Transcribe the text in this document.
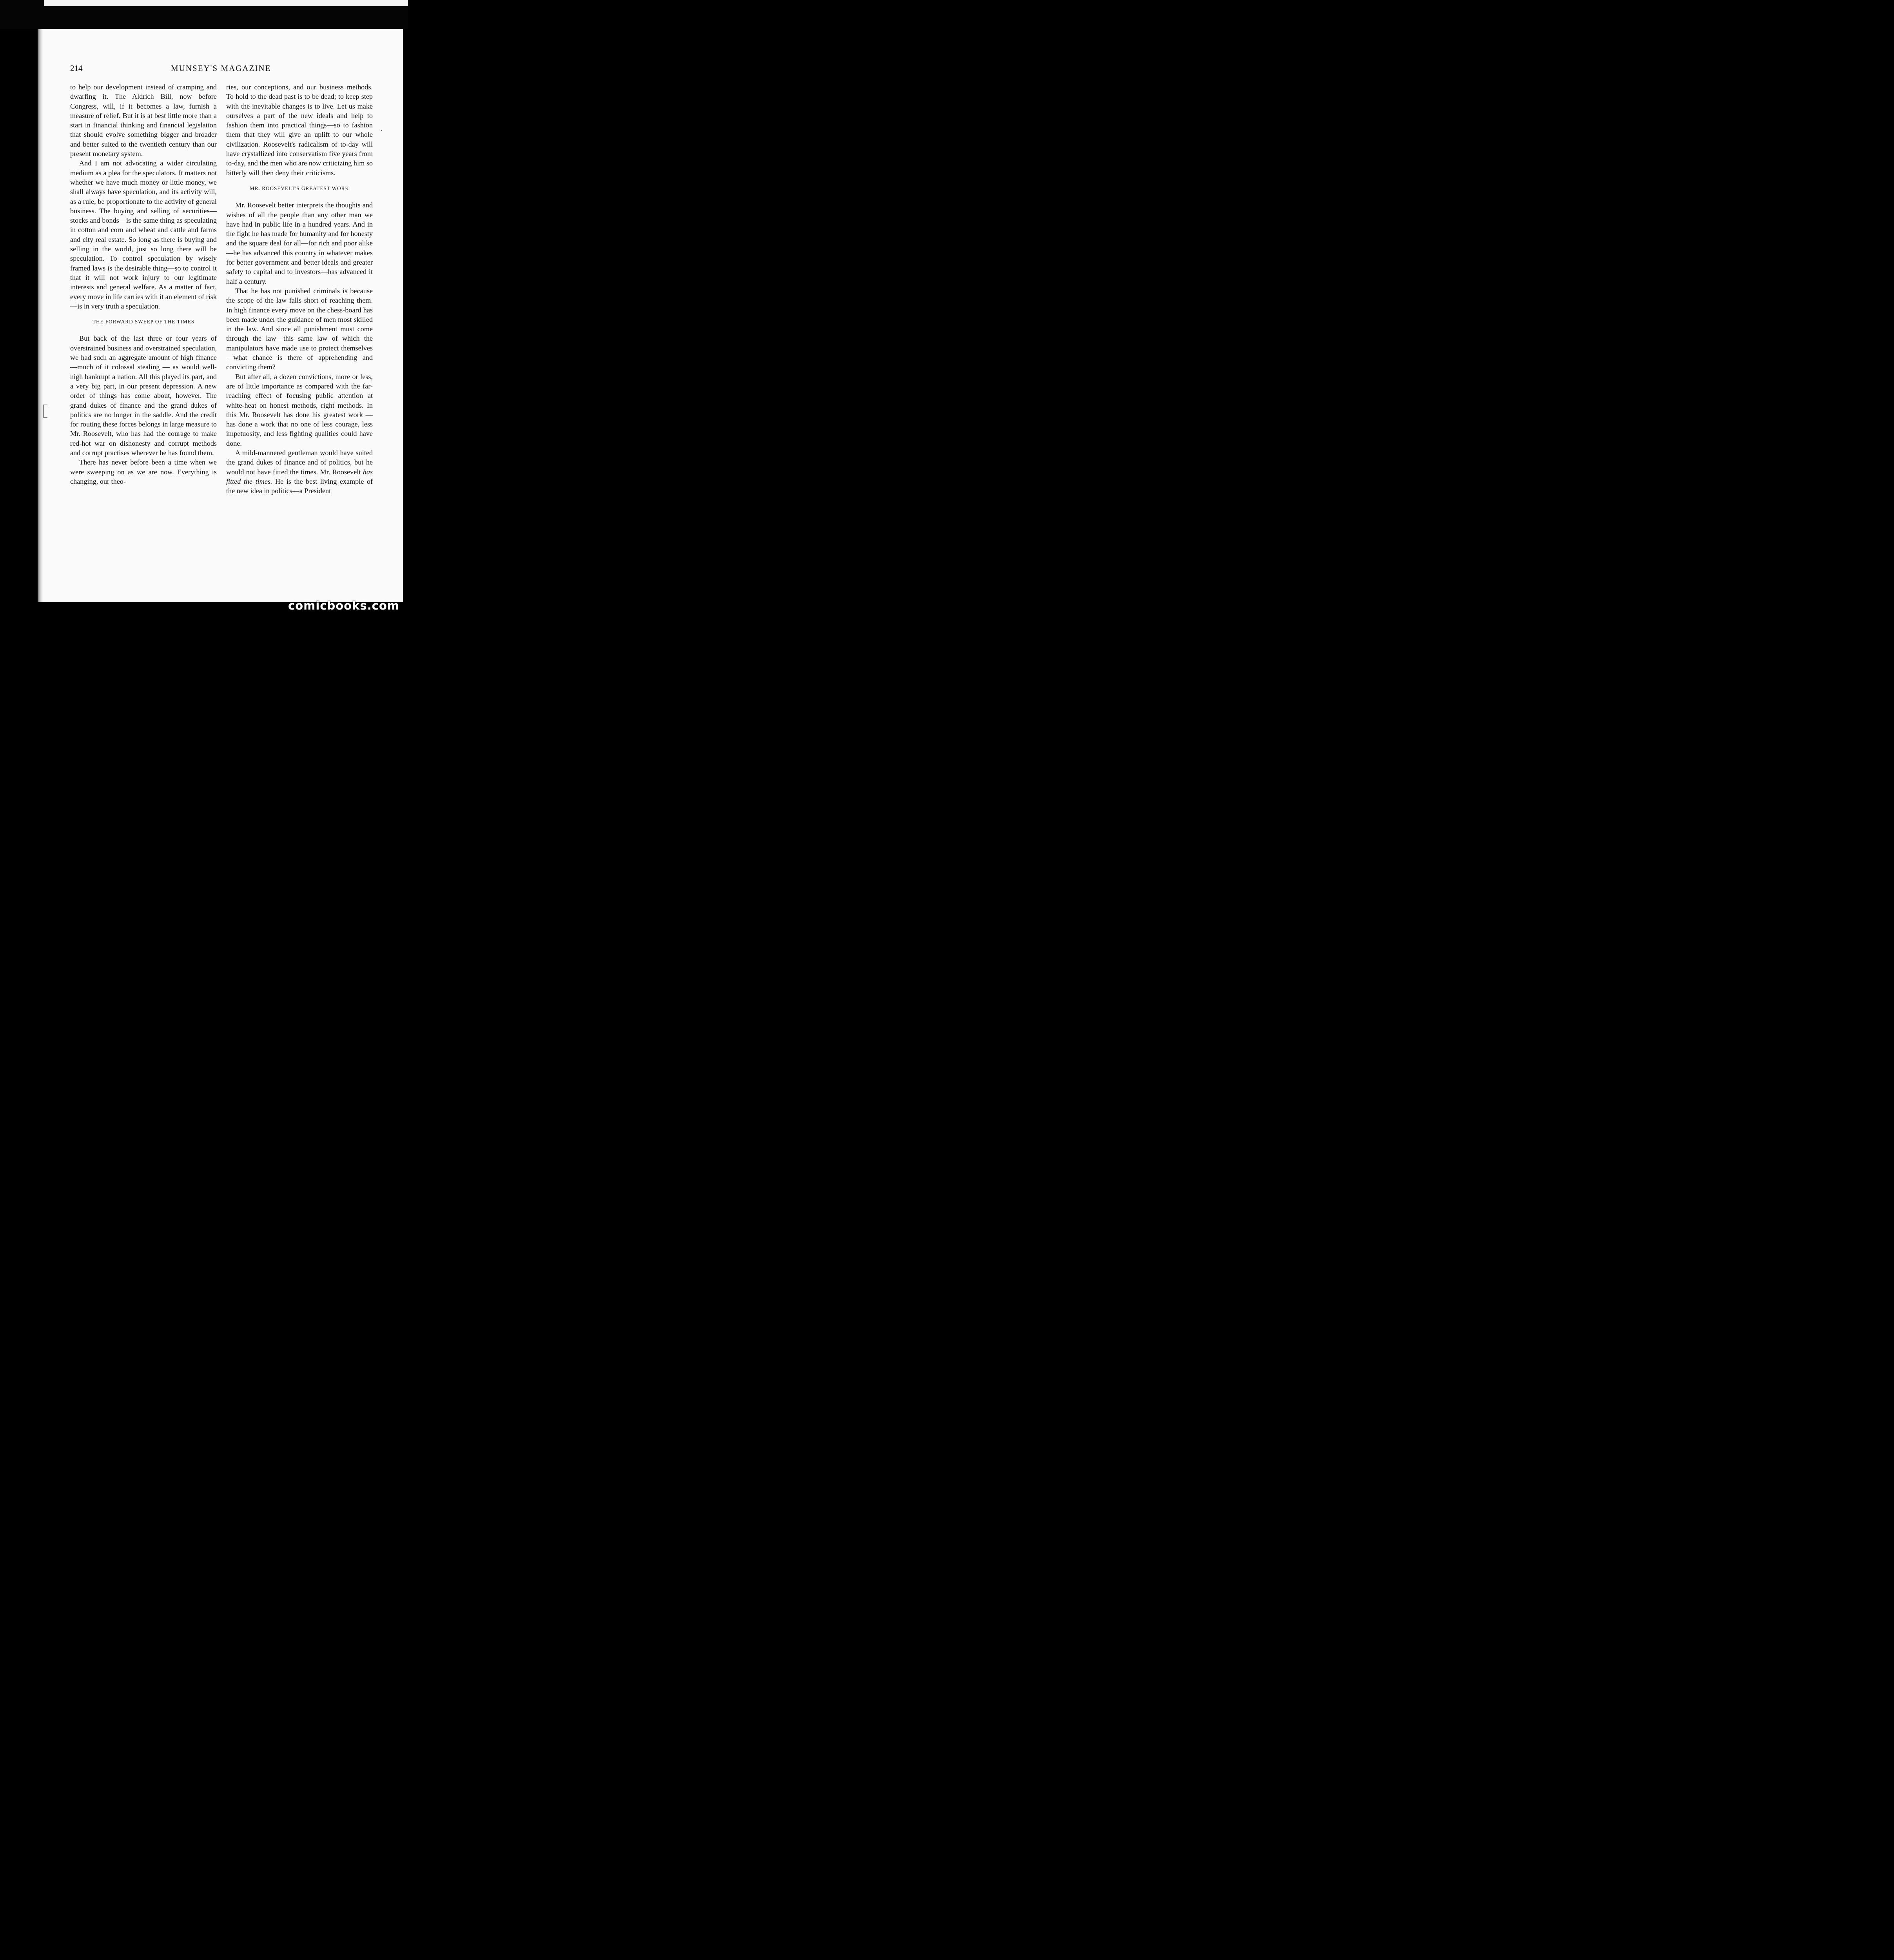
214	MUNSEY'S MAGAZINE

to help our development instead of cramping and dwarfing it. The Aldrich Bill, now before Congress, will, if it becomes a law, furnish a measure of relief. But it is at best little more than a start in financial thinking and financial legislation that should evolve something bigger and broader and better suited to the twentieth century than our present monetary system.

And I am not advocating a wider circulating medium as a plea for the speculators. It matters not whether we have much money or little money, we shall always have speculation, and its activity will, as a rule, be proportionate to the activity of general business. The buying and selling of securities—stocks and bonds—is the same thing as speculating in cotton and corn and wheat and cattle and farms and city real estate. So long as there is buying and selling in the world, just so long there will be speculation. To control speculation by wisely framed laws is the desirable thing—so to control it that it will not work injury to our legitimate interests and general welfare. As a matter of fact, every move in life carries with it an element of risk—is in very truth a speculation.

THE FORWARD SWEEP OF THE TIMES

But back of the last three or four years of overstrained business and overstrained speculation, we had such an aggregate amount of high finance—much of it colossal stealing — as would well-nigh bankrupt a nation. All this played its part, and a very big part, in our present depression. A new order of things has come about, however. The grand dukes of finance and the grand dukes of politics are no longer in the saddle. And the credit for routing these forces belongs in large measure to Mr. Roosevelt, who has had the courage to make red-hot war on dishonesty and corrupt methods and corrupt practises wherever he has found them.

There has never before been a time when we were sweeping on as we are now. Everything is changing, our theo-

ries, our conceptions, and our business methods. To hold to the dead past is to be dead; to keep step with the inevitable changes is to live. Let us make ourselves a part of the new ideals and help to fashion them into practical things—so to fashion them that they will give an uplift to our whole civilization. Roosevelt's radicalism of to-day will have crystallized into conservatism five years from to-day, and the men who are now criticizing him so bitterly will then deny their criticisms.

MR. ROOSEVELT'S GREATEST WORK

Mr. Roosevelt better interprets the thoughts and wishes of all the people than any other man we have had in public life in a hundred years. And in the fight he has made for humanity and for honesty and the square deal for all—for rich and poor alike—he has advanced this country in whatever makes for better government and better ideals and greater safety to capital and to investors—has advanced it half a century.

That he has not punished criminals is because the scope of the law falls short of reaching them. In high finance every move on the chess-board has been made under the guidance of men most skilled in the law. And since all punishment must come through the law—this same law of which the manipulators have made use to protect themselves—what chance is there of apprehending and convicting them?

But after all, a dozen convictions, more or less, are of little importance as compared with the far-reaching effect of focusing public attention at white-heat on honest methods, right methods. In this Mr. Roosevelt has done his greatest work —has done a work that no one of less courage, less impetuosity, and less fighting qualities could have done.

A mild-mannered gentleman would have suited the grand dukes of finance and of politics, but he would not have fitted the times. Mr. Roosevelt has fitted the times. He is the best living example of the new idea in politics—a President

comicbooks.com
